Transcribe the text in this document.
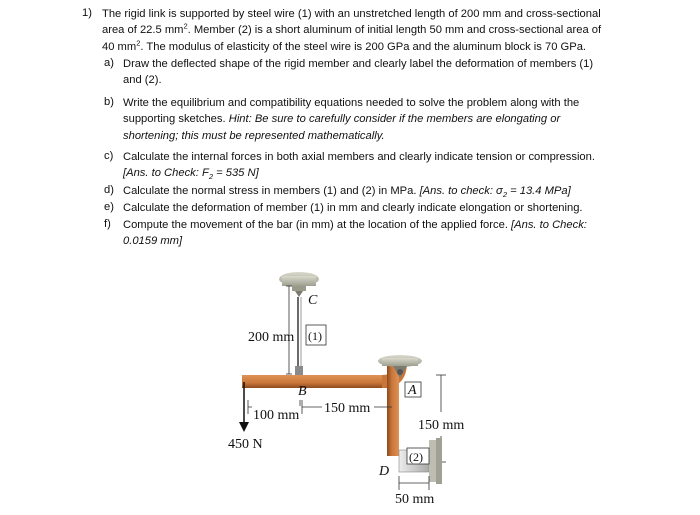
1) The rigid link is supported by steel wire (1) with an unstretched length of 200 mm and cross-sectional

area of 22.5 $mm^2$. Member (2) is a short aluminum of initial length 50 mm and cross-sectional area of

40 $mm^2$. The modulus of elasticity of the steel wire is 200 GPa and the aluminum block is 70 GPa.

a) Draw the deflected shape of the rigid member and clearly label the deformation of members (1)

and (2).

b) Write the equilibrium and compatibility equations needed to solve the problem along with the

supporting sketches. Hint: Be sure to carefully consider if the members are elongating or

shortening; this must be represented mathematically.

c) Calculate the internal forces in both axial members and clearly indicate tension or compression.

[Ans. to Check: $F_2 = 535$ N]

d) Calculate the normal stress in members (1) and (2) in MPa. [Ans. to check: $\sigma_2 = 13.4$ MPa]

e) Calculate the deformation of member (1) in mm and clearly indicate elongation or shortening.

f) Compute the movement of the bar (in mm) at the location of the applied force. [Ans. to Check:

0.0159 mm]

C
200 mm (1)
A
B
450 N
100 mm 150 mm
150 mm
D
(2)
50 mm
